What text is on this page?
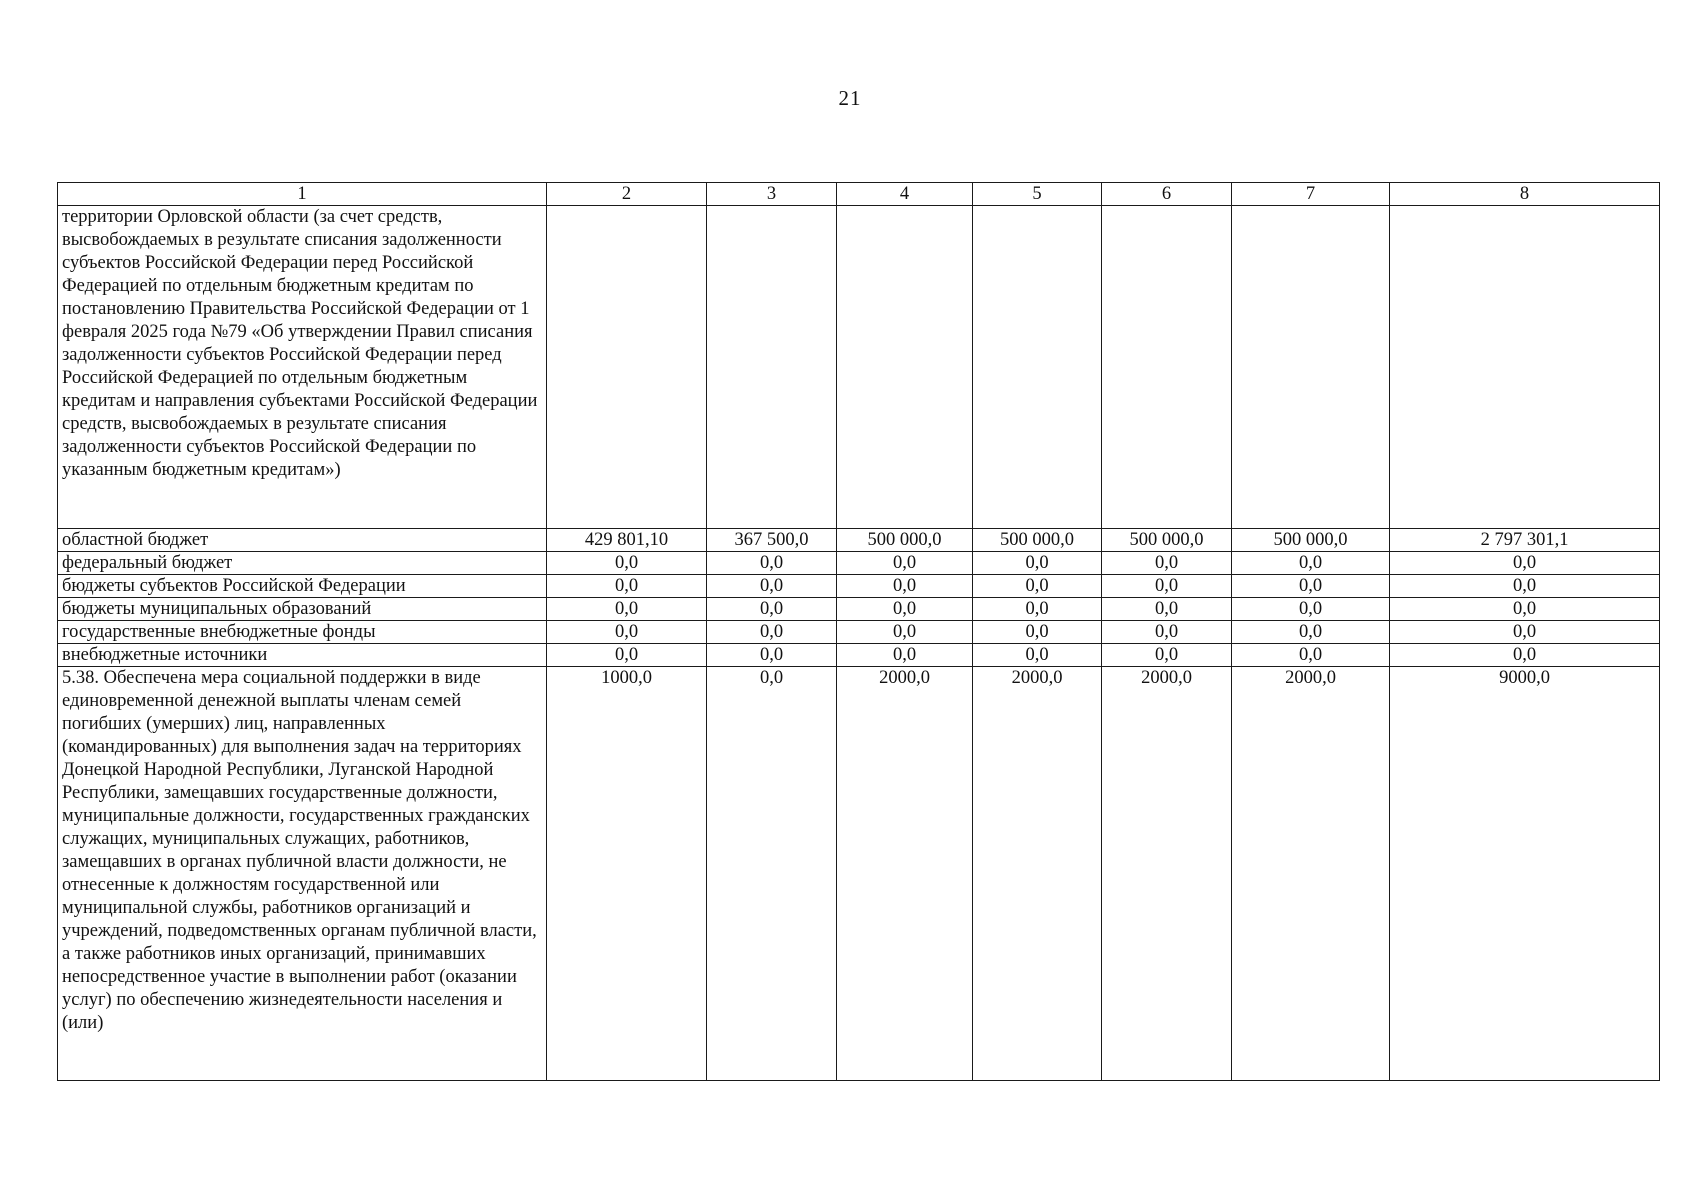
21
1	2	3	4	5	6	7	8
территории Орловской области (за счет средств, высвобождаемых в результате списания задолженности субъектов Российской Федерации перед Российской Федерацией по отдельным бюджетным кредитам по постановлению Правительства Российской Федерации от 1 февраля 2025 года №79 «Об утверждении Правил списания задолженности субъектов Российской Федерации перед Российской Федерацией по отдельным бюджетным кредитам и направления субъектами Российской Федерации средств, высвобождаемых в результате списания задолженности субъектов Российской Федерации по указанным бюджетным кредитам»)							
областной бюджет	429 801,10	367 500,0	500 000,0	500 000,0	500 000,0	500 000,0	2 797 301,1
федеральный бюджет	0,0	0,0	0,0	0,0	0,0	0,0	0,0
бюджеты субъектов Российской Федерации	0,0	0,0	0,0	0,0	0,0	0,0	0,0
бюджеты муниципальных образований	0,0	0,0	0,0	0,0	0,0	0,0	0,0
государственные внебюджетные фонды	0,0	0,0	0,0	0,0	0,0	0,0	0,0
внебюджетные источники	0,0	0,0	0,0	0,0	0,0	0,0	0,0
5.38. Обеспечена мера социальной поддержки в виде единовременной денежной выплаты членам семей погибших (умерших) лиц, направленных (командированных) для выполнения задач на территориях Донецкой Народной Республики, Луганской Народной Республики, замещавших государственные должности, муниципальные должности, государственных гражданских служащих, муниципальных служащих, работников, замещавших в органах публичной власти должности, не отнесенные к должностям государственной или муниципальной службы, работников организаций и учреждений, подведомственных органам публичной власти, а также работников иных организаций, принимавших непосредственное участие в выполнении работ (оказании услуг) по обеспечению жизнедеятельности населения и (или)	1000,0	0,0	2000,0	2000,0	2000,0	2000,0	9000,0
